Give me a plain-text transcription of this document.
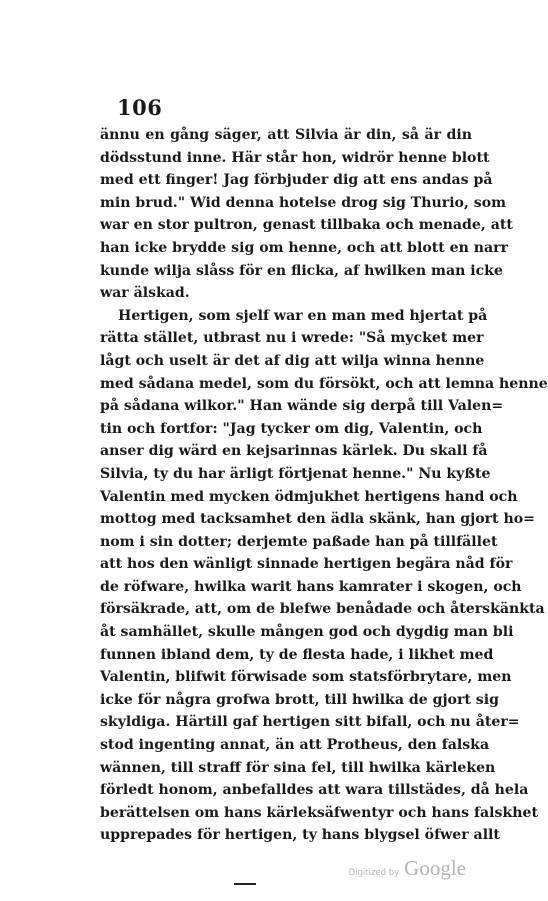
106
ännu en gång säger, att Silvia är din, så är din
dödsstund inne. Här står hon, widrör henne blott
med ett finger! Jag förbjuder dig att ens andas på
min brud." Wid denna hotelse drog sig Thurio, som
war en stor pultron, genast tillbaka och menade, att
han icke brydde sig om henne, och att blott en narr
kunde wilja slåss för en flicka, af hwilken man icke
war älskad.
Hertigen, som sjelf war en man med hjertat på
rätta stället, utbrast nu i wrede: "Så mycket mer
lågt och uselt är det af dig att wilja winna henne
med sådana medel, som du försökt, och att lemna henne
på sådana wilkor." Han wände sig derpå till Valen=
tin och fortfor: "Jag tycker om dig, Valentin, och
anser dig wärd en kejsarinnas kärlek. Du skall få
Silvia, ty du har ärligt förtjenat henne." Nu kyßte
Valentin med mycken ödmjukhet hertigens hand och
mottog med tacksamhet den ädla skänk, han gjort ho=
nom i sin dotter; derjemte paßade han på tillfället
att hos den wänligt sinnade hertigen begära nåd för
de röfware, hwilka warit hans kamrater i skogen, och
försäkrade, att, om de blefwe benådade och återskänkta
åt samhället, skulle mången god och dygdig man bli
funnen ibland dem, ty de flesta hade, i likhet med
Valentin, blifwit förwisade som statsförbrytare, men
icke för några grofwa brott, till hwilka de gjort sig
skyldiga. Härtill gaf hertigen sitt bifall, och nu åter=
stod ingenting annat, än att Protheus, den falska
wännen, till straff för sina fel, till hwilka kärleken
förledt honom, anbefalldes att wara tillstädes, då hela
berättelsen om hans kärleksäfwentyr och hans falskhet
upprepades för hertigen, ty hans blygsel öfwer allt
Digitized by Google
